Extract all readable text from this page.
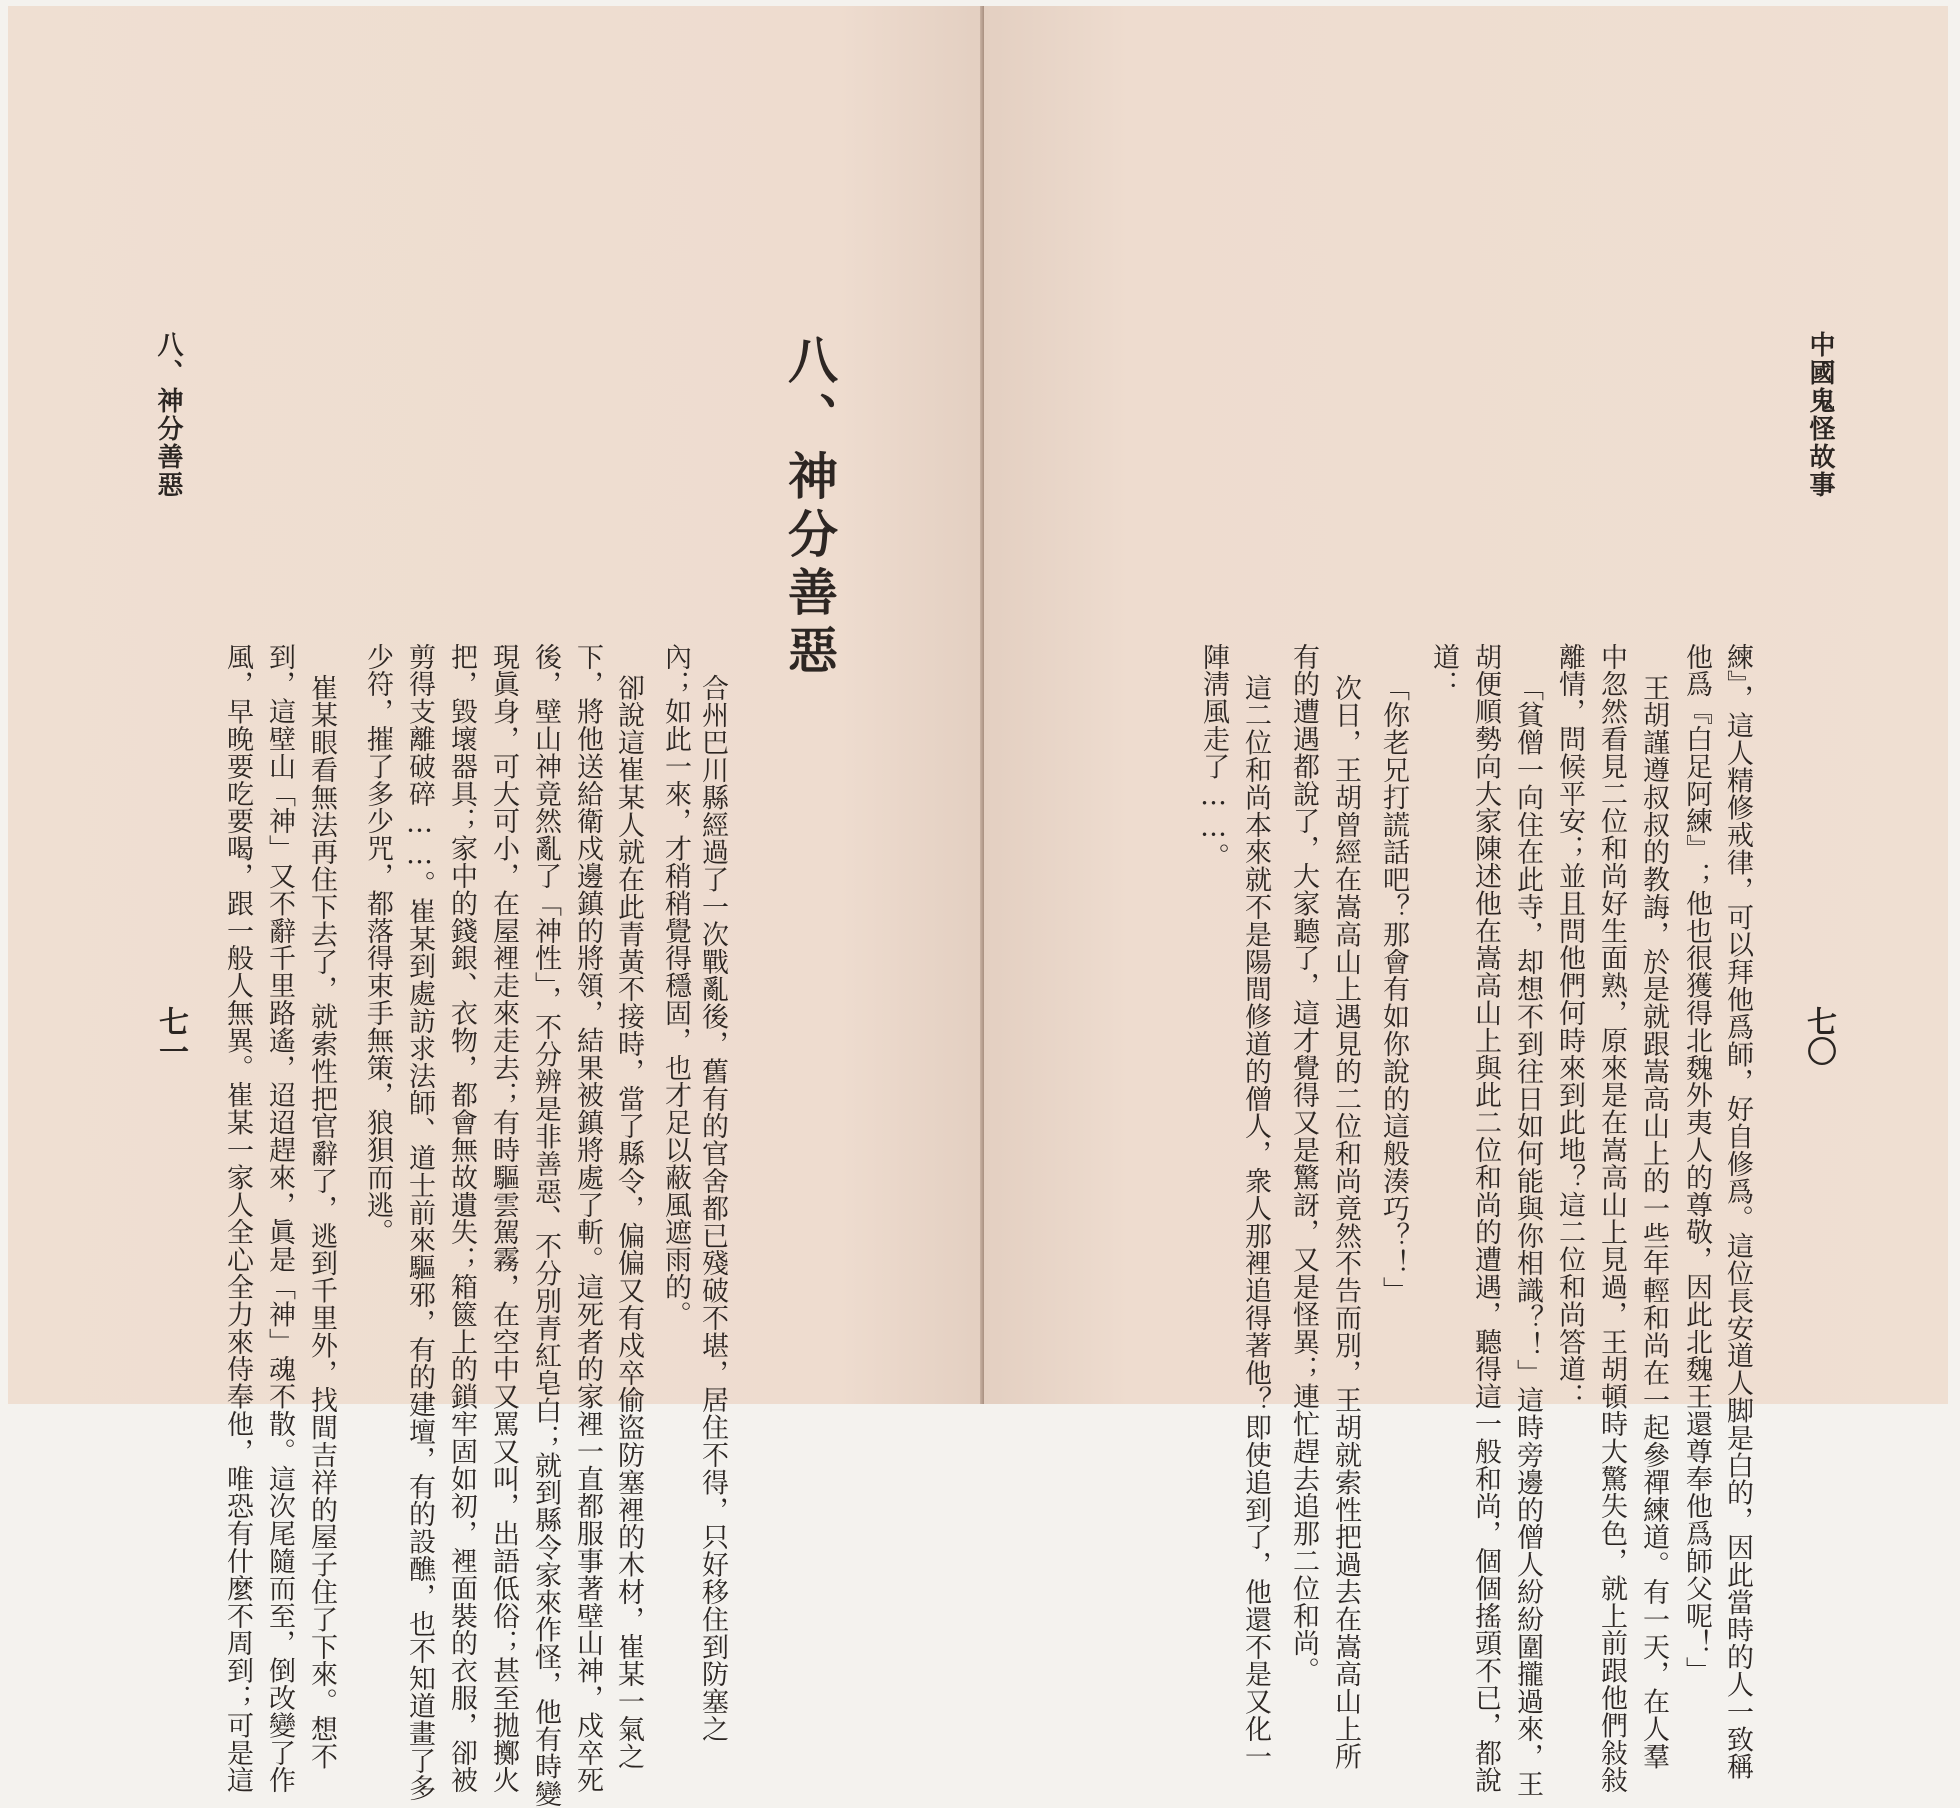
八、神分善惡
合州巴川縣經過了一次戰亂後，舊有的官舍都已殘破不堪，居住不得，只好移住到防塞之
內；如此一來，才稍稍覺得穩固，也才足以蔽風遮雨的。
卻說這崔某人就在此青黃不接時，當了縣令，偏偏又有戍卒偷盜防塞裡的木材，崔某一氣之
下，將他送給衛戍邊鎮的將領，結果被鎮將處了斬。這死者的家裡一直都服事著壁山神，戍卒死
後，壁山神竟然亂了「神性」，不分辨是非善惡、不分別青紅皂白；就到縣令家來作怪，他有時變
現眞身，可大可小，在屋裡走來走去；有時驅雲駕霧，在空中又罵又叫，出語低俗；甚至拋擲火
把，毀壞器具；家中的錢銀、衣物，都會無故遺失；箱篋上的鎖牢固如初，裡面裝的衣服，卻被
剪得支離破碎……。崔某到處訪求法師、道士前來驅邪，有的建壇，有的設醮，也不知道畫了多
少符，摧了多少咒，都落得束手無策，狼狽而逃。
崔某眼看無法再住下去了，就索性把官辭了，逃到千里外，找間吉祥的屋子住了下來。想不
到，這壁山「神」又不辭千里路遙，迢迢趕來，眞是「神」魂不散。這次尾隨而至，倒改變了作
風，早晚要吃要喝，跟一般人無異。崔某一家人全心全力來侍奉他，唯恐有什麼不周到；可是這
八、神分善惡
七一
中國鬼怪故事
七〇
練』，這人精修戒律，可以拜他爲師，好自修爲。這位長安道人脚是白的，因此當時的人一致稱
他爲『白足阿練』；他也很獲得北魏外夷人的尊敬，因此北魏王還尊奉他爲師父呢！」
王胡謹遵叔叔的教誨，於是就跟嵩高山上的一些年輕和尚在一起參禪練道。有一天，在人羣
中忽然看見二位和尚好生面熟，原來是在嵩高山上見過，王胡頓時大驚失色，就上前跟他們敍敍
離情，問候平安；並且問他們何時來到此地？這二位和尚答道：
「貧僧一向住在此寺，却想不到往日如何能與你相識？！」這時旁邊的僧人紛紛圍攏過來，王
胡便順勢向大家陳述他在嵩高山上與此二位和尚的遭遇，聽得這一般和尚，個個搖頭不已，都說
道：
「你老兄打謊話吧？那會有如你說的這般湊巧？！」
次日，王胡曾經在嵩高山上遇見的二位和尚竟然不告而別，王胡就索性把過去在嵩高山上所
有的遭遇都說了，大家聽了，這才覺得又是驚訝，又是怪異；連忙趕去追那二位和尚。
這二位和尚本來就不是陽間修道的僧人，衆人那裡追得著他？即使追到了，他還不是又化一
陣淸風走了……。
